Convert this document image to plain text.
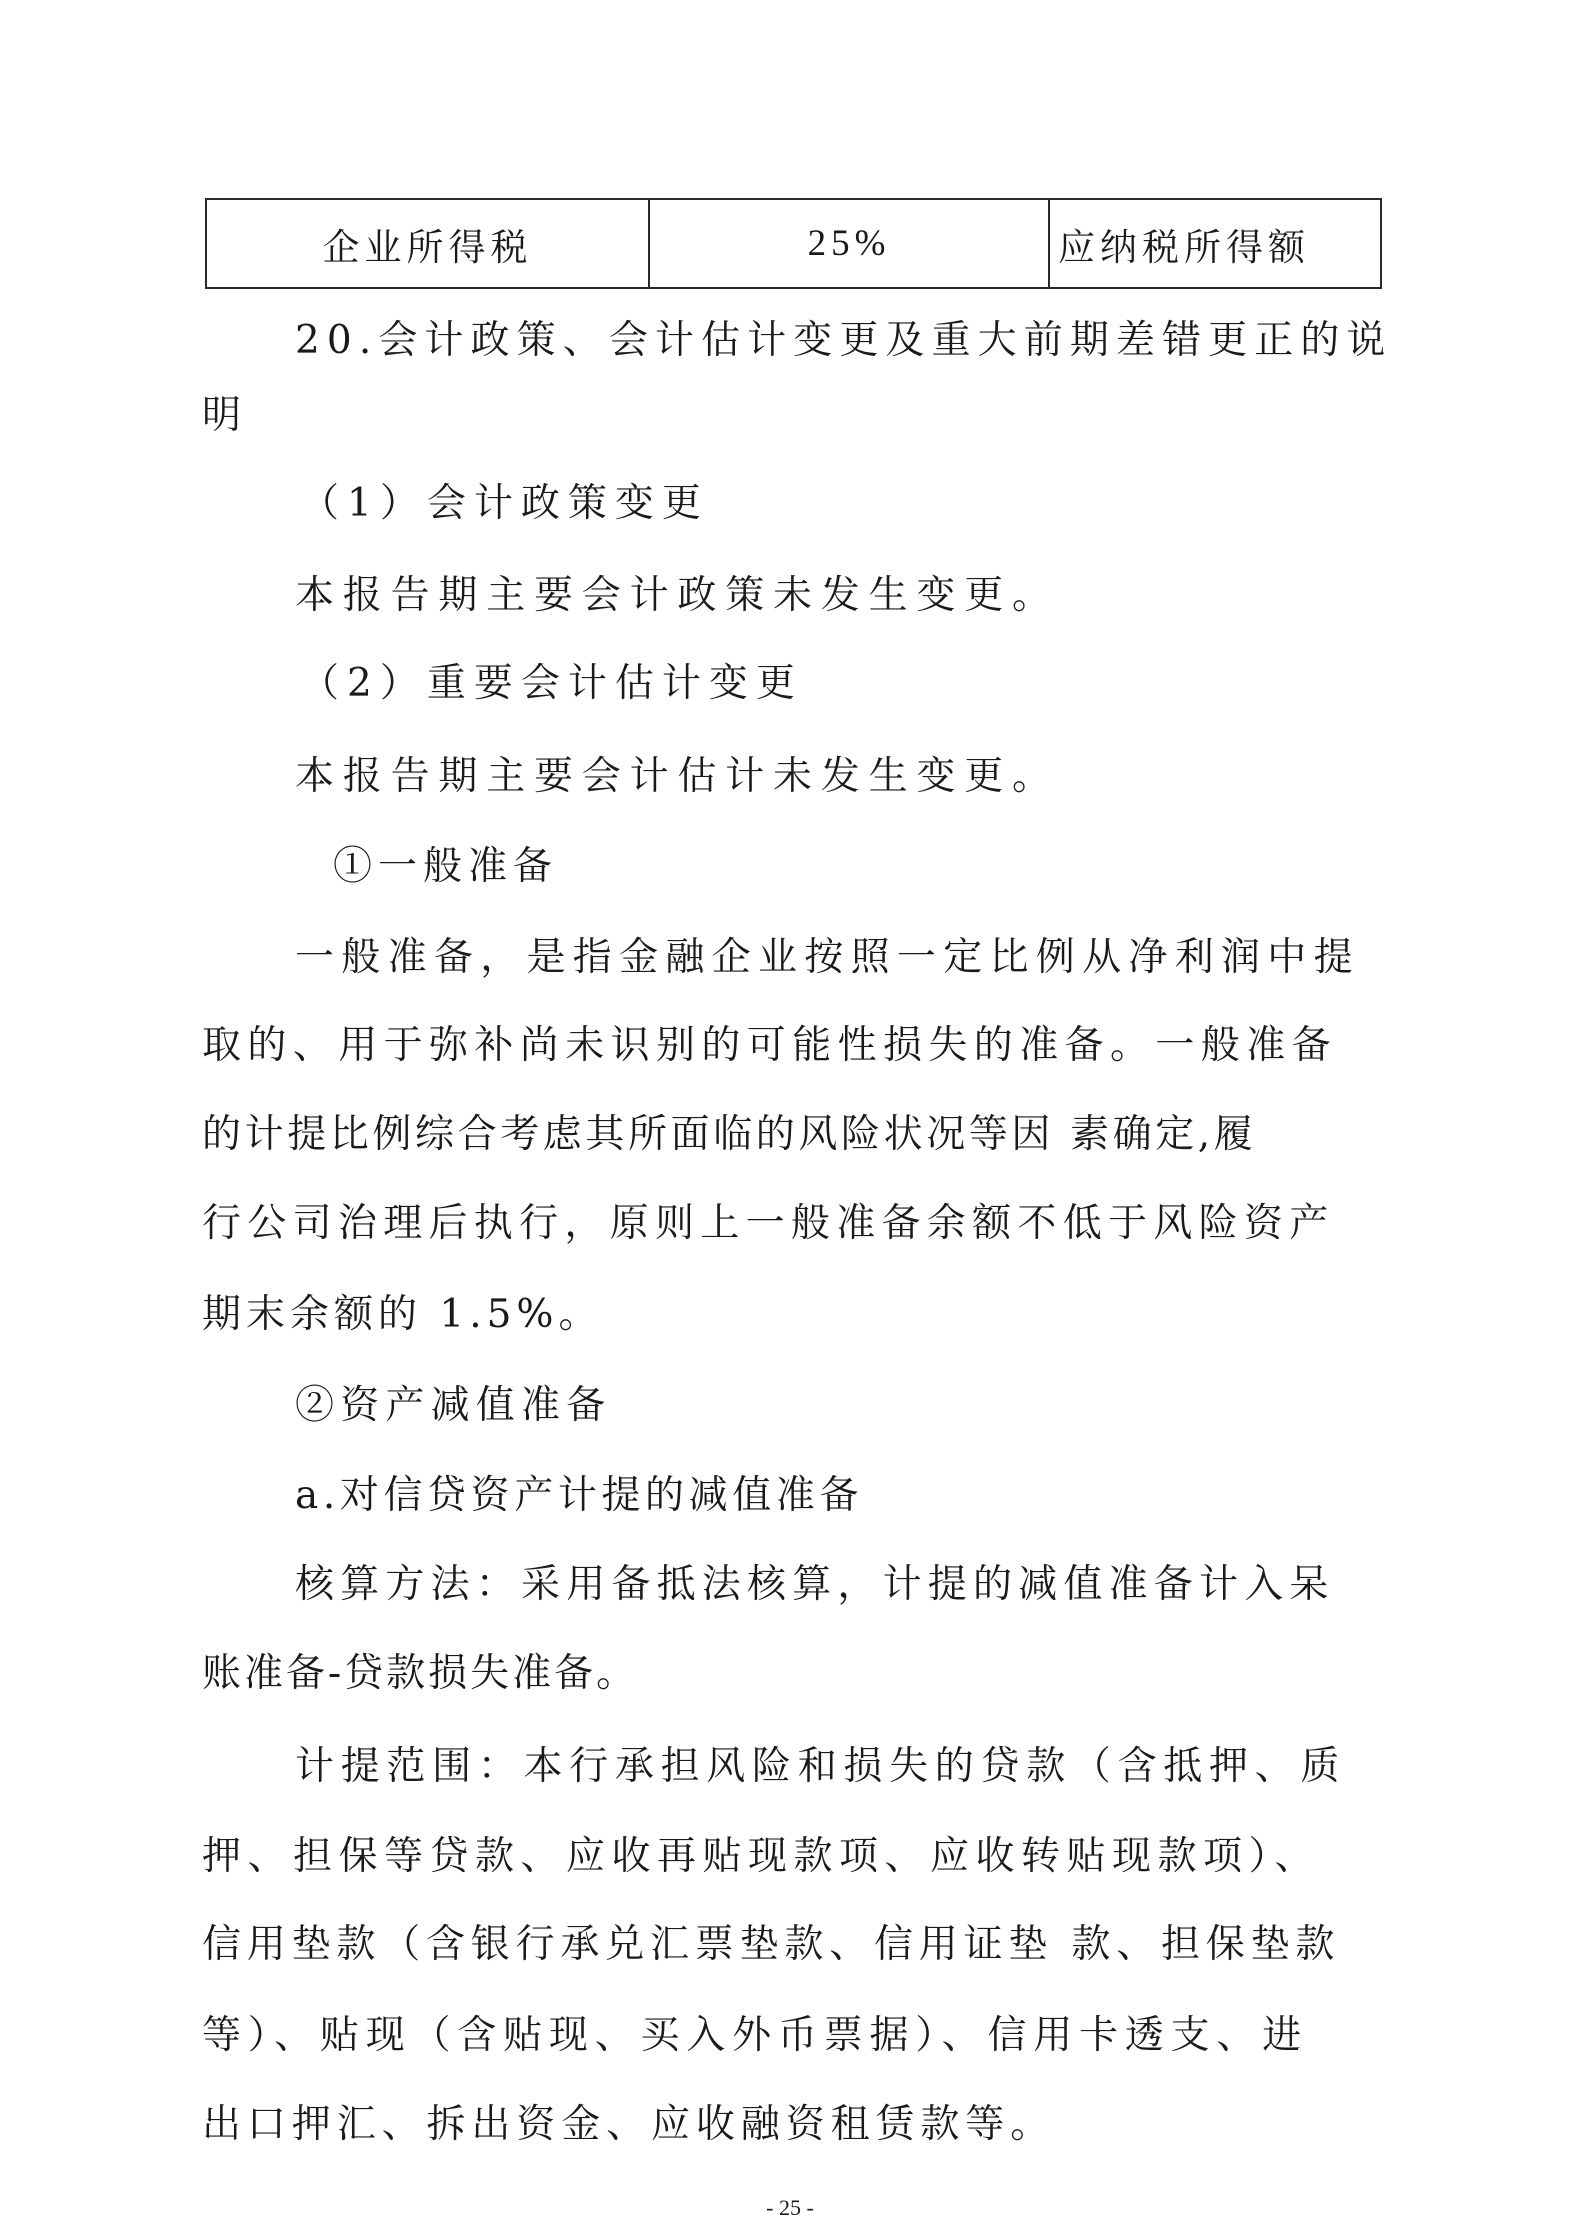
企业所得税	25%	应纳税所得额

20.会计政策、会计估计变更及重大前期差错更正的说

明

（1）会计政策变更

本报告期主要会计政策未发生变更。

（2）重要会计估计变更

本报告期主要会计估计未发生变更。

①一般准备

一般准备，是指金融企业按照一定比例从净利润中提

取的、用于弥补尚未识别的可能性损失的准备。一般准备

的计提比例综合考虑其所面临的风险状况等因 素确定,履

行公司治理后执行，原则上一般准备余额不低于风险资产

期末余额的 1.5%。

②资产减值准备

a.对信贷资产计提的减值准备

核算方法：采用备抵法核算，计提的减值准备计入呆

账准备-贷款损失准备。

计提范围：本行承担风险和损失的贷款（含抵押、质

押、担保等贷款、应收再贴现款项、应收转贴现款项）、

信用垫款（含银行承兑汇票垫款、信用证垫 款、担保垫款

等）、贴现（含贴现、买入外币票据）、信用卡透支、进

出口押汇、拆出资金、应收融资租赁款等。

- 25 -
